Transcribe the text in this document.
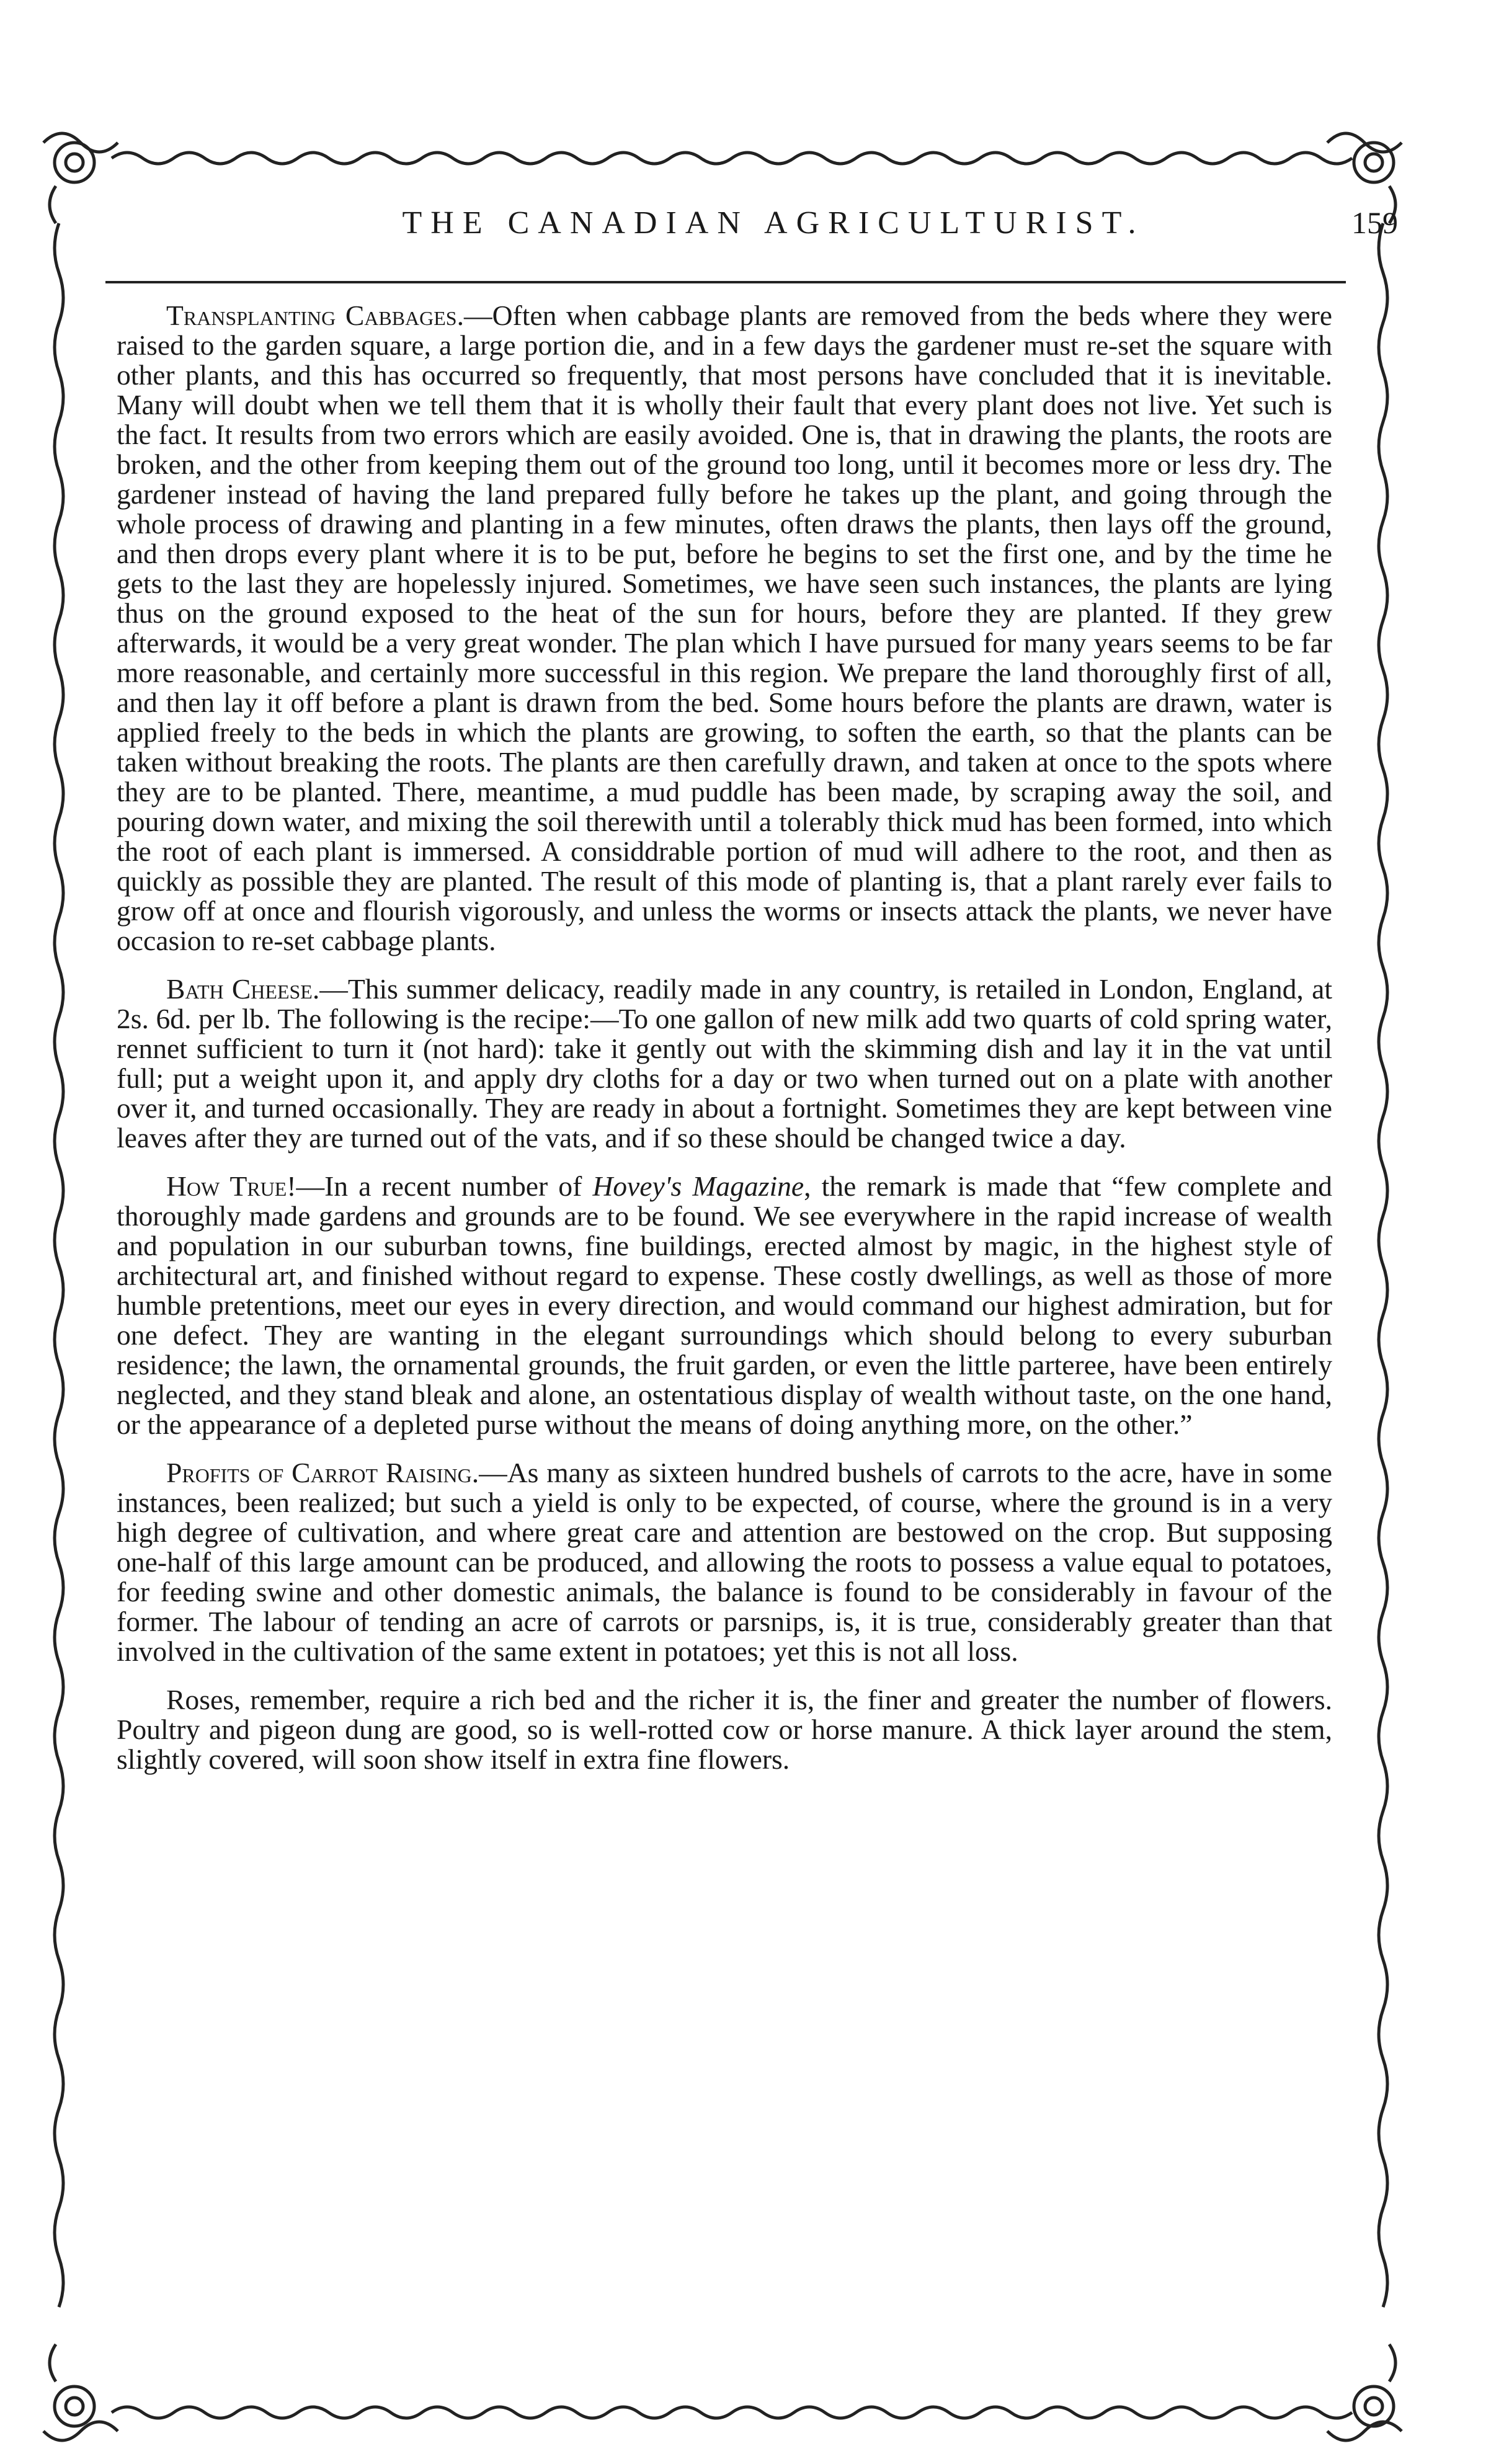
THE CANADIAN AGRICULTURIST.	159

Transplanting Cabbages.—Often when cabbage plants are removed from the beds where they were raised to the garden square, a large portion die, and in a few days the gardener must re-set the square with other plants, and this has occurred so frequently, that most persons have concluded that it is inevitable. Many will doubt when we tell them that it is wholly their fault that every plant does not live. Yet such is the fact. It results from two errors which are easily avoided. One is, that in drawing the plants, the roots are broken, and the other from keeping them out of the ground too long, until it becomes more or less dry. The gardener instead of having the land prepared fully before he takes up the plant, and going through the whole process of drawing and planting in a few minutes, often draws the plants, then lays off the ground, and then drops every plant where it is to be put, before he begins to set the first one, and by the time he gets to the last they are hopelessly injured. Sometimes, we have seen such instances, the plants are lying thus on the ground exposed to the heat of the sun for hours, before they are planted. If they grew afterwards, it would be a very great wonder. The plan which I have pursued for many years seems to be far more reasonable, and certainly more successful in this region. We prepare the land thoroughly first of all, and then lay it off before a plant is drawn from the bed. Some hours before the plants are drawn, water is applied freely to the beds in which the plants are growing, to soften the earth, so that the plants can be taken without breaking the roots. The plants are then carefully drawn, and taken at once to the spots where they are to be planted. There, meantime, a mud puddle has been made, by scraping away the soil, and pouring down water, and mixing the soil therewith until a tolerably thick mud has been formed, into which the root of each plant is immersed. A considdrable portion of mud will adhere to the root, and then as quickly as possible they are planted. The result of this mode of planting is, that a plant rarely ever fails to grow off at once and flourish vigorously, and unless the worms or insects attack the plants, we never have occasion to re-set cabbage plants.

Bath Cheese.—This summer delicacy, readily made in any country, is retailed in London, England, at 2s. 6d. per lb. The following is the recipe:—To one gallon of new milk add two quarts of cold spring water, rennet sufficient to turn it (not hard): take it gently out with the skimming dish and lay it in the vat until full; put a weight upon it, and apply dry cloths for a day or two when turned out on a plate with another over it, and turned occasionally. They are ready in about a fortnight. Sometimes they are kept between vine leaves after they are turned out of the vats, and if so these should be changed twice a day.

How True!—In a recent number of Hovey's Magazine, the remark is made that “few complete and thoroughly made gardens and grounds are to be found. We see everywhere in the rapid increase of wealth and population in our suburban towns, fine buildings, erected almost by magic, in the highest style of architectural art, and finished without regard to expense. These costly dwellings, as well as those of more humble pretentions, meet our eyes in every direction, and would command our highest admiration, but for one defect. They are wanting in the elegant surroundings which should belong to every suburban residence; the lawn, the ornamental grounds, the fruit garden, or even the little parteree, have been entirely neglected, and they stand bleak and alone, an ostentatious display of wealth without taste, on the one hand, or the appearance of a depleted purse without the means of doing anything more, on the other.”

Profits of Carrot Raising.—As many as sixteen hundred bushels of carrots to the acre, have in some instances, been realized; but such a yield is only to be expected, of course, where the ground is in a very high degree of cultivation, and where great care and attention are bestowed on the crop. But supposing one-half of this large amount can be produced, and allowing the roots to possess a value equal to potatoes, for feeding swine and other domestic animals, the balance is found to be considerably in favour of the former. The labour of tending an acre of carrots or parsnips, is, it is true, considerably greater than that involved in the cultivation of the same extent in potatoes; yet this is not all loss.

Roses, remember, require a rich bed and the richer it is, the finer and greater the number of flowers. Poultry and pigeon dung are good, so is well-rotted cow or horse manure. A thick layer around the stem, slightly covered, will soon show itself in extra fine flowers.
